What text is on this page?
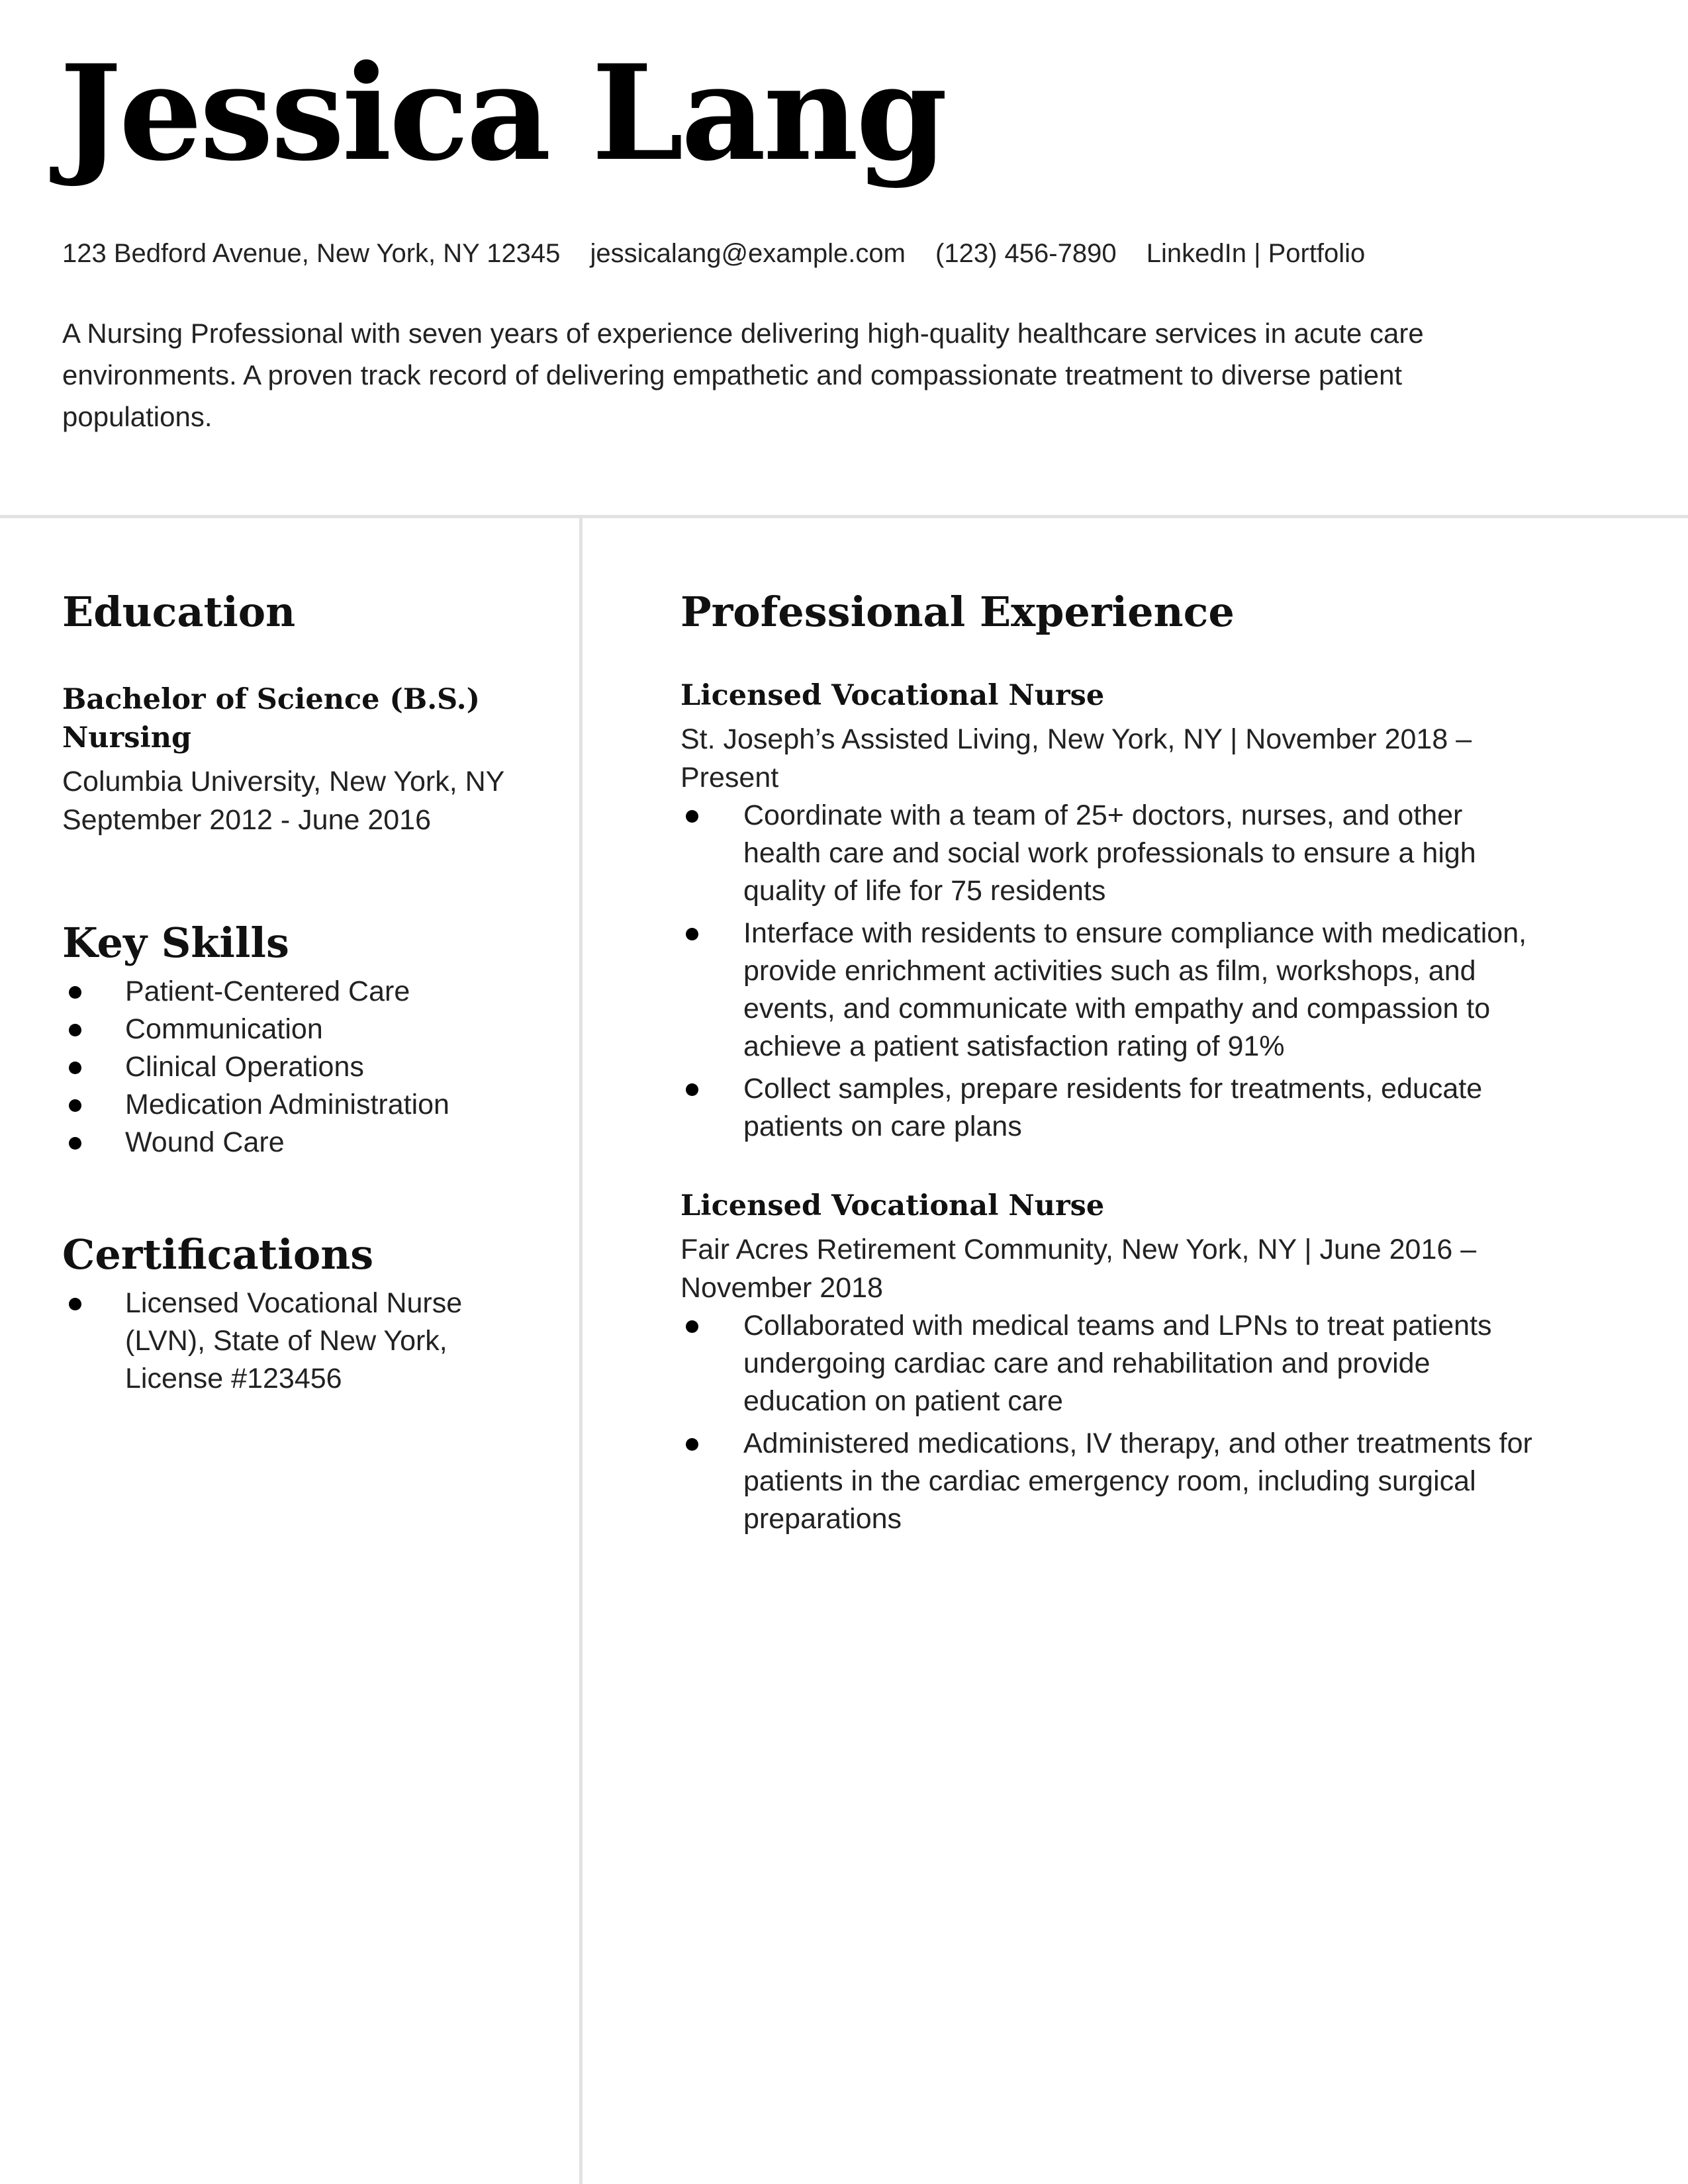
Jessica Lang
123 Bedford Avenue, New York, NY 12345 jessicalang@example.com (123) 456-7890 LinkedIn | Portfolio

A Nursing Professional with seven years of experience delivering high-quality healthcare services in acute care environments. A proven track record of delivering empathetic and compassionate treatment to diverse patient populations.

Education
Bachelor of Science (B.S.)
Nursing
Columbia University, New York, NY
September 2012 - June 2016
Key Skills
Patient-Centered Care
Communication
Clinical Operations
Medication Administration
Wound Care
Certifications
Licensed Vocational Nurse (LVN), State of New York, License #123456
Professional Experience
Licensed Vocational Nurse
St. Joseph’s Assisted Living, New York, NY | November 2018 – Present
Coordinate with a team of 25+ doctors, nurses, and other health care and social work professionals to ensure a high quality of life for 75 residents
Interface with residents to ensure compliance with medication, provide enrichment activities such as film, workshops, and events, and communicate with empathy and compassion to achieve a patient satisfaction rating of 91%
Collect samples, prepare residents for treatments, educate patients on care plans
Licensed Vocational Nurse
Fair Acres Retirement Community, New York, NY | June 2016 – November 2018
Collaborated with medical teams and LPNs to treat patients undergoing cardiac care and rehabilitation and provide education on patient care
Administered medications, IV therapy, and other treatments for patients in the cardiac emergency room, including surgical preparations
